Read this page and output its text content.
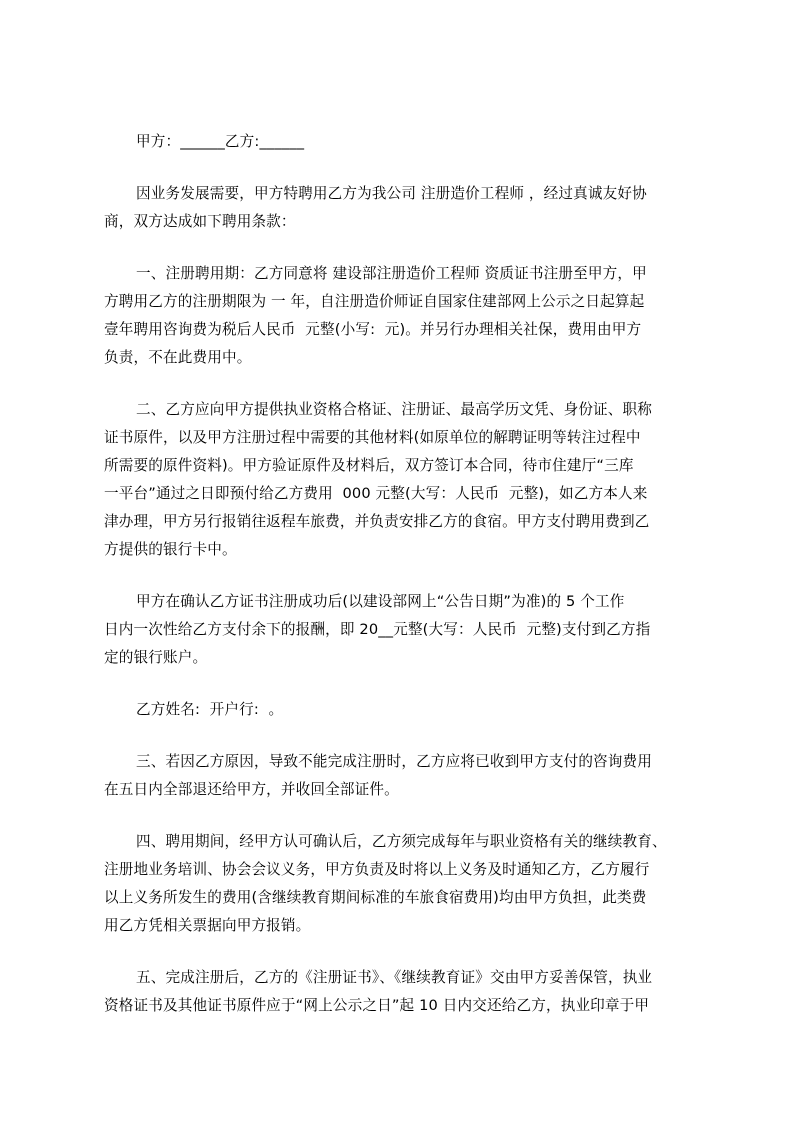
甲方：______乙方:______
因业务发展需要，甲方特聘用乙方为我公司 注册造价工程师 ，经过真诚友好协
商，双方达成如下聘用条款：
一、注册聘用期：乙方同意将 建设部注册造价工程师 资质证书注册至甲方，甲
方聘用乙方的注册期限为 一 年，自注册造价师证自国家住建部网上公示之日起算起
壹年聘用咨询费为税后人民币  元整(小写:  元)。并另行办理相关社保，费用由甲方
负责，不在此费用中。
二、乙方应向甲方提供执业资格合格证、注册证、最高学历文凭、身份证、职称
证书原件，以及甲方注册过程中需要的其他材料(如原单位的解聘证明等转注过程中
所需要的原件资料)。甲方验证原件及材料后，双方签订本合同，待市住建厅“三库
一平台”通过之日即预付给乙方费用  000 元整(大写：人民币  元整)，如乙方本人来
津办理，甲方另行报销往返程车旅费，并负责安排乙方的食宿。甲方支付聘用费到乙
方提供的银行卡中。
甲方在确认乙方证书注册成功后(以建设部网上“公告日期”为准)的 5 个工作
日内一次性给乙方支付余下的报酬，即 20__元整(大写：人民币  元整)支付到乙方指
定的银行账户。
乙方姓名:  开户行:  。
三、若因乙方原因，导致不能完成注册时，乙方应将已收到甲方支付的咨询费用
在五日内全部退还给甲方，并收回全部证件。
四、聘用期间，经甲方认可确认后，乙方须完成每年与职业资格有关的继续教育、
注册地业务培训、协会会议义务，甲方负责及时将以上义务及时通知乙方，乙方履行
以上义务所发生的费用(含继续教育期间标准的车旅食宿费用)均由甲方负担，此类费
用乙方凭相关票据向甲方报销。
五、完成注册后，乙方的《注册证书》、《继续教育证》交由甲方妥善保管，执业
资格证书及其他证书原件应于“网上公示之日”起 10 日内交还给乙方，执业印章于甲
